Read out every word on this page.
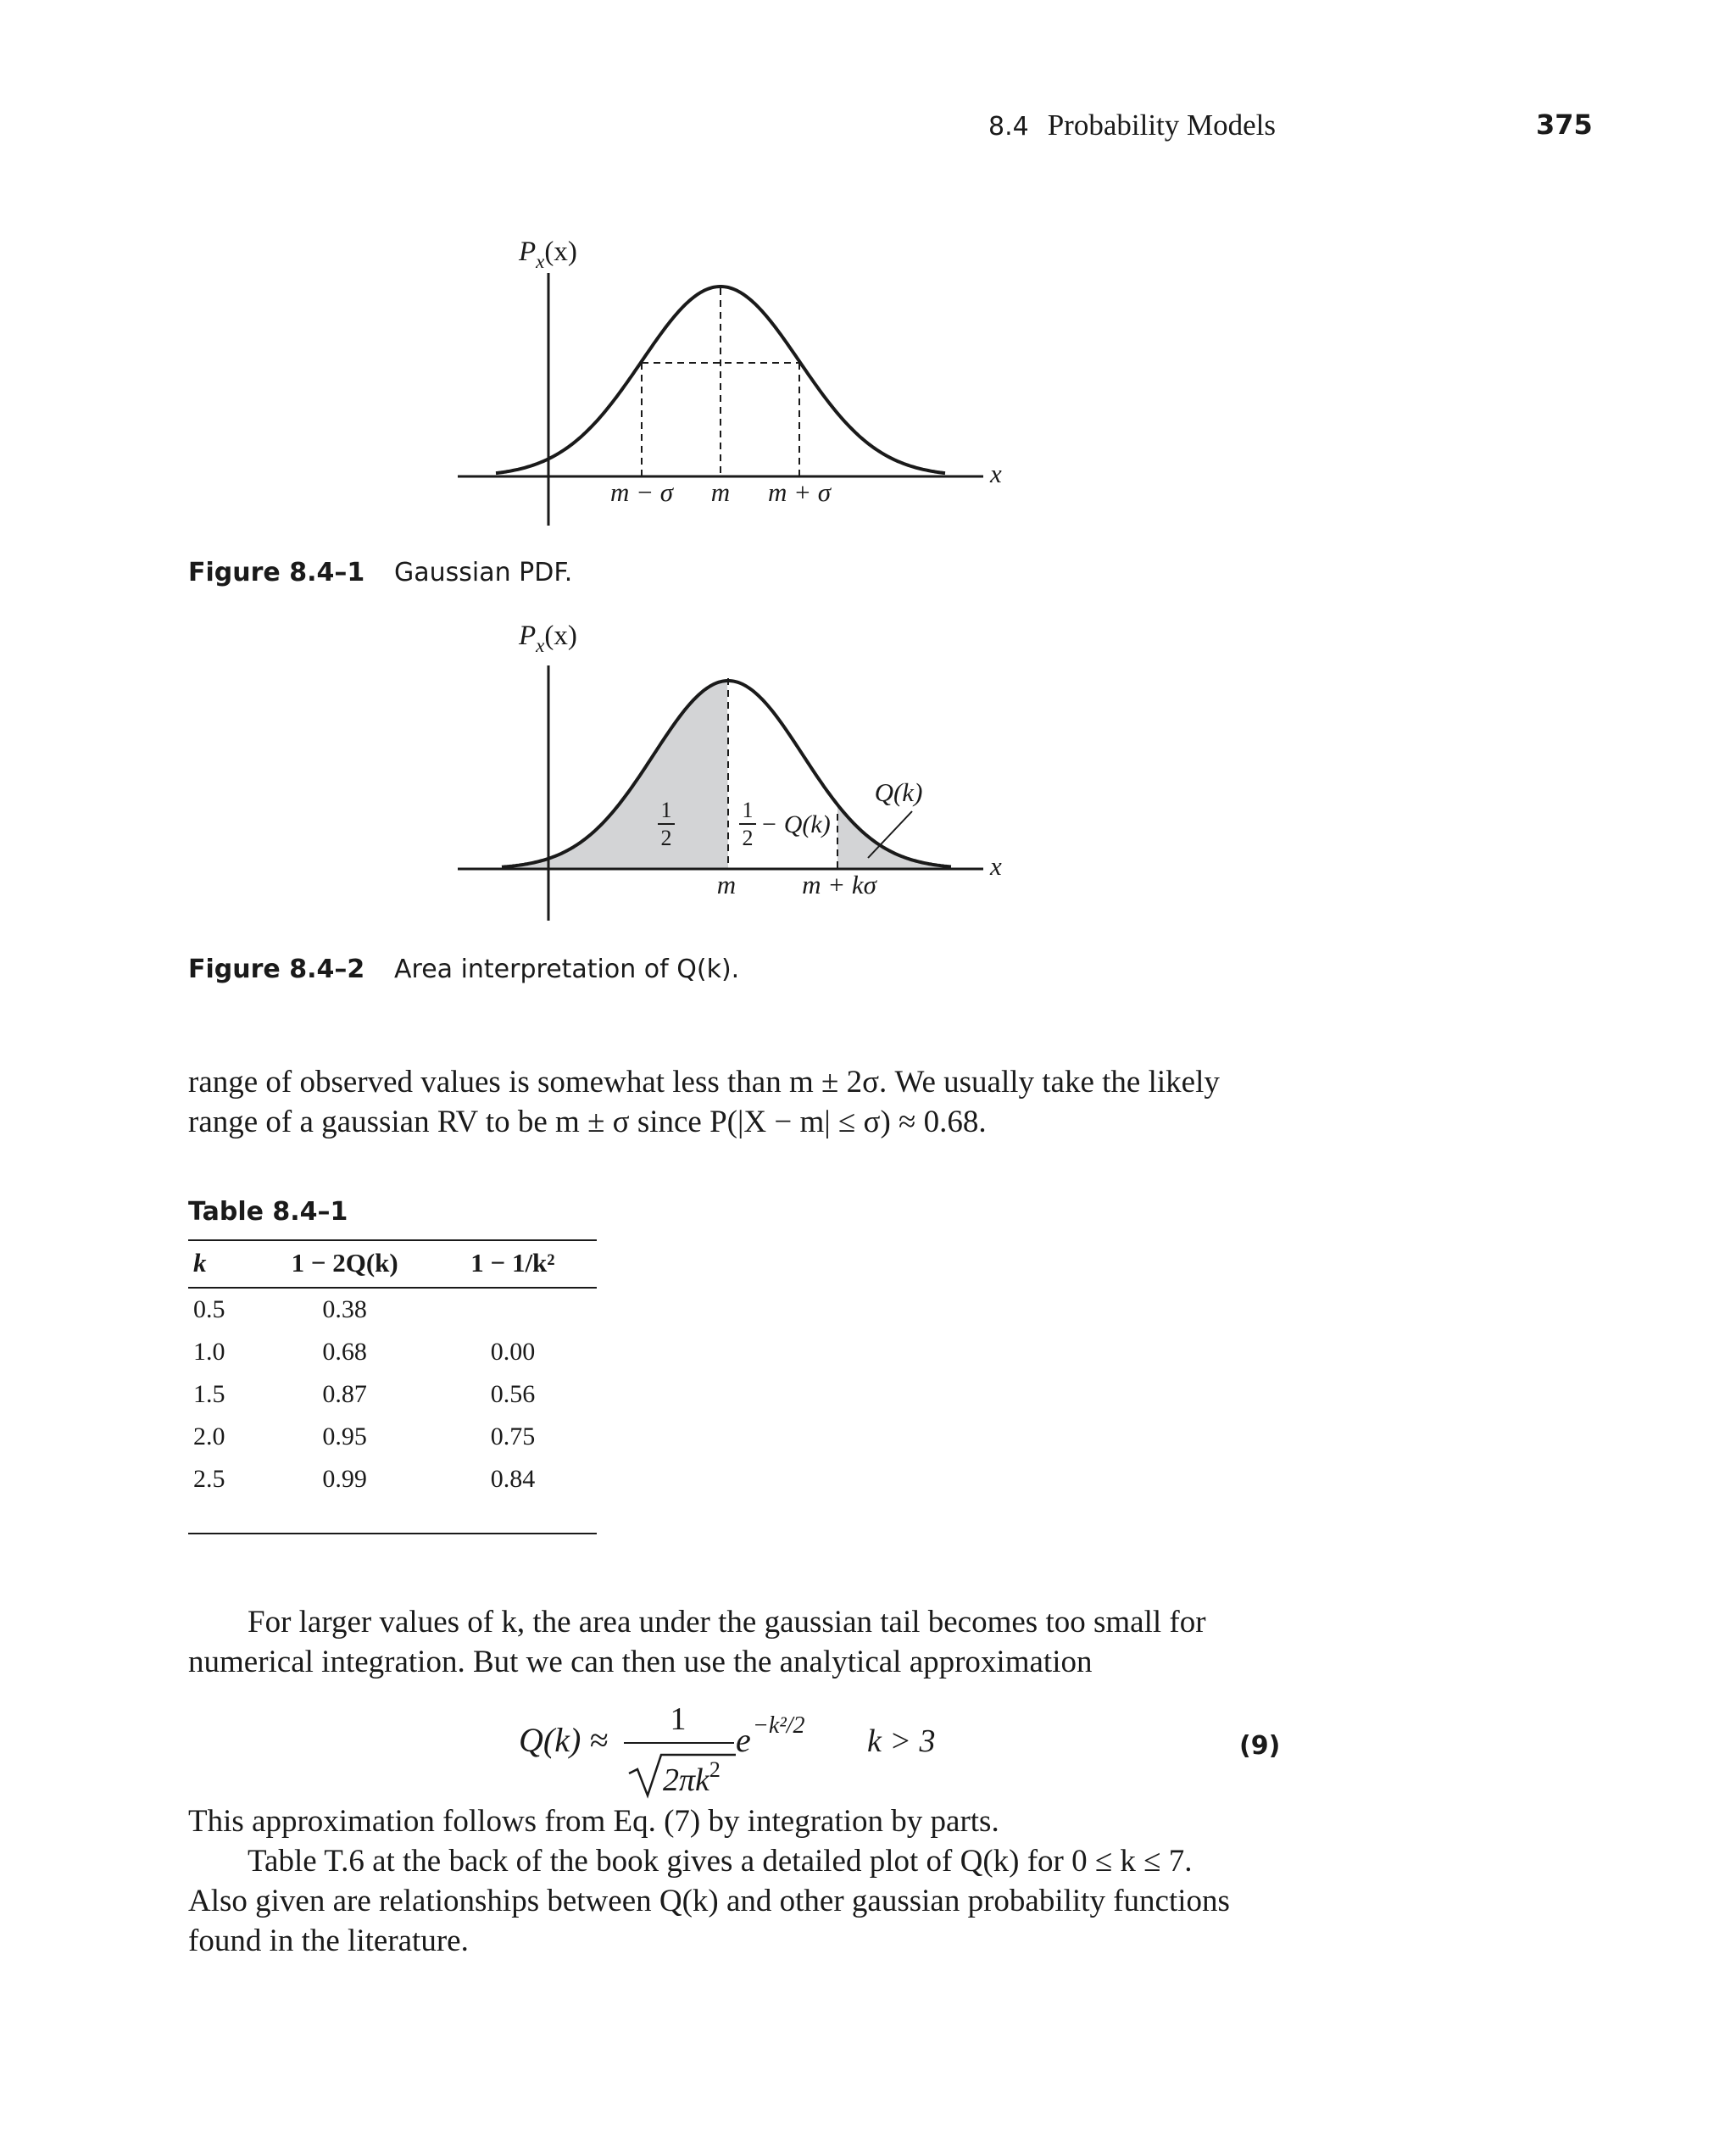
8.4 Probability Models	375
$P_x(x)$
x
m − σ m m + σ
Figure 8.4–1 Gaussian PDF.
$P_x(x)$
x
1
2
1
2 − Q(k)
Q(k)
m	m + kσ
Figure 8.4–2 Area interpretation of Q(k).
range of observed values is somewhat less than m ± 2σ. We usually take the likely
range of a gaussian RV to be m ± σ since P(|X − m| ≤ σ) ≈ 0.68.
Table 8.4–1
k	1 − 2Q(k)	1 − 1/k²
0.5	0.38	
1.0	0.68	0.00
1.5	0.87	0.56
2.0	0.95	0.75
2.5	0.99	0.84
For larger values of k, the area under the gaussian tail becomes too small for
numerical integration. But we can then use the analytical approximation
Q(k) ≈
1
$2\pi k^2$
e −k²/2 k > 3	(9)
This approximation follows from Eq. (7) by integration by parts.
Table T.6 at the back of the book gives a detailed plot of Q(k) for 0 ≤ k ≤ 7.
Also given are relationships between Q(k) and other gaussian probability functions
found in the literature.
